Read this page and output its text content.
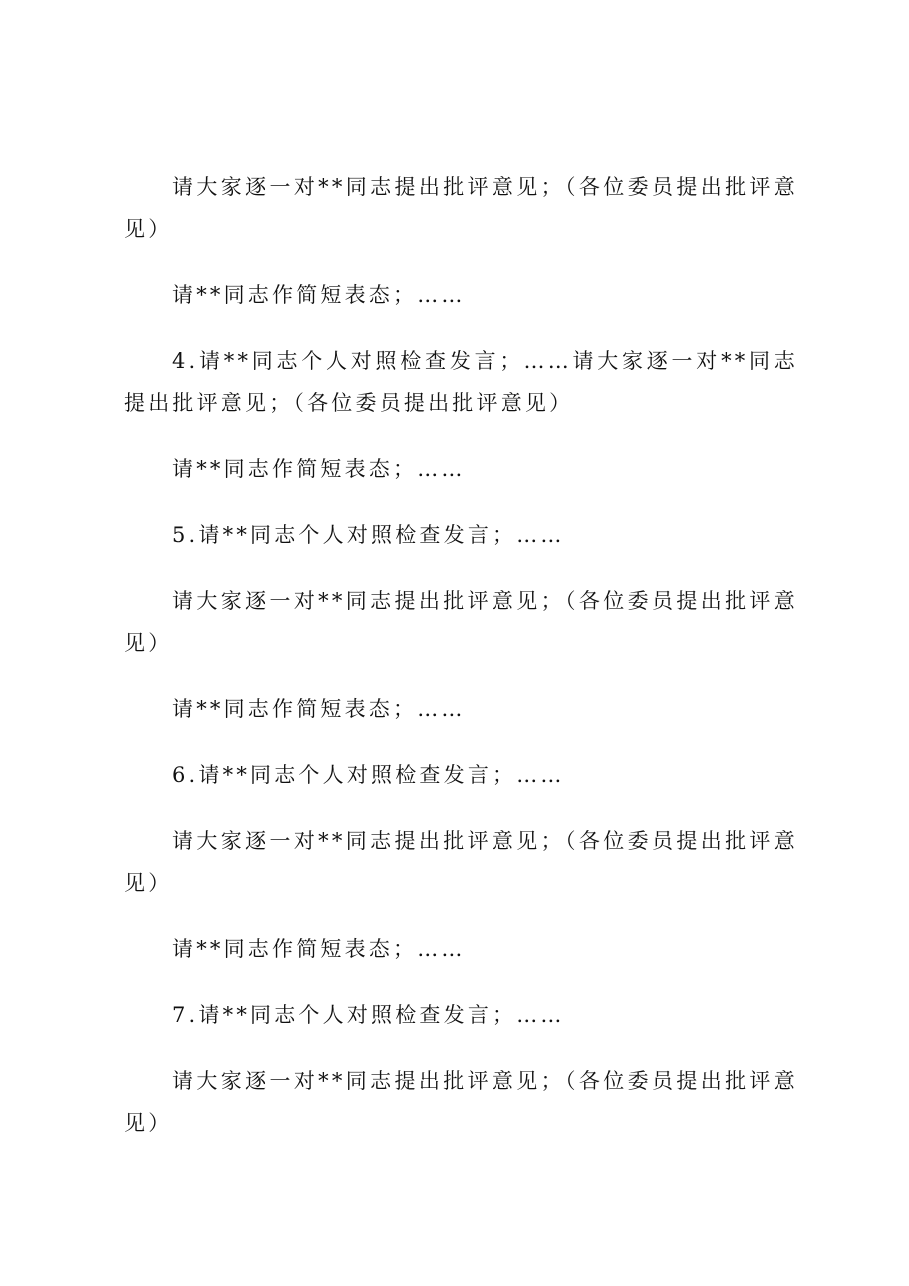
请大家逐一对**同志提出批评意见；（各位委员提出批评意见）

请**同志作简短表态；……

4.请**同志个人对照检查发言；……请大家逐一对**同志提出批评意见；（各位委员提出批评意见）

请**同志作简短表态；……

5.请**同志个人对照检查发言；……

请大家逐一对**同志提出批评意见；（各位委员提出批评意见）

请**同志作简短表态；……

6.请**同志个人对照检查发言；……

请大家逐一对**同志提出批评意见；（各位委员提出批评意见）

请**同志作简短表态；……

7.请**同志个人对照检查发言；……

请大家逐一对**同志提出批评意见；（各位委员提出批评意见）
